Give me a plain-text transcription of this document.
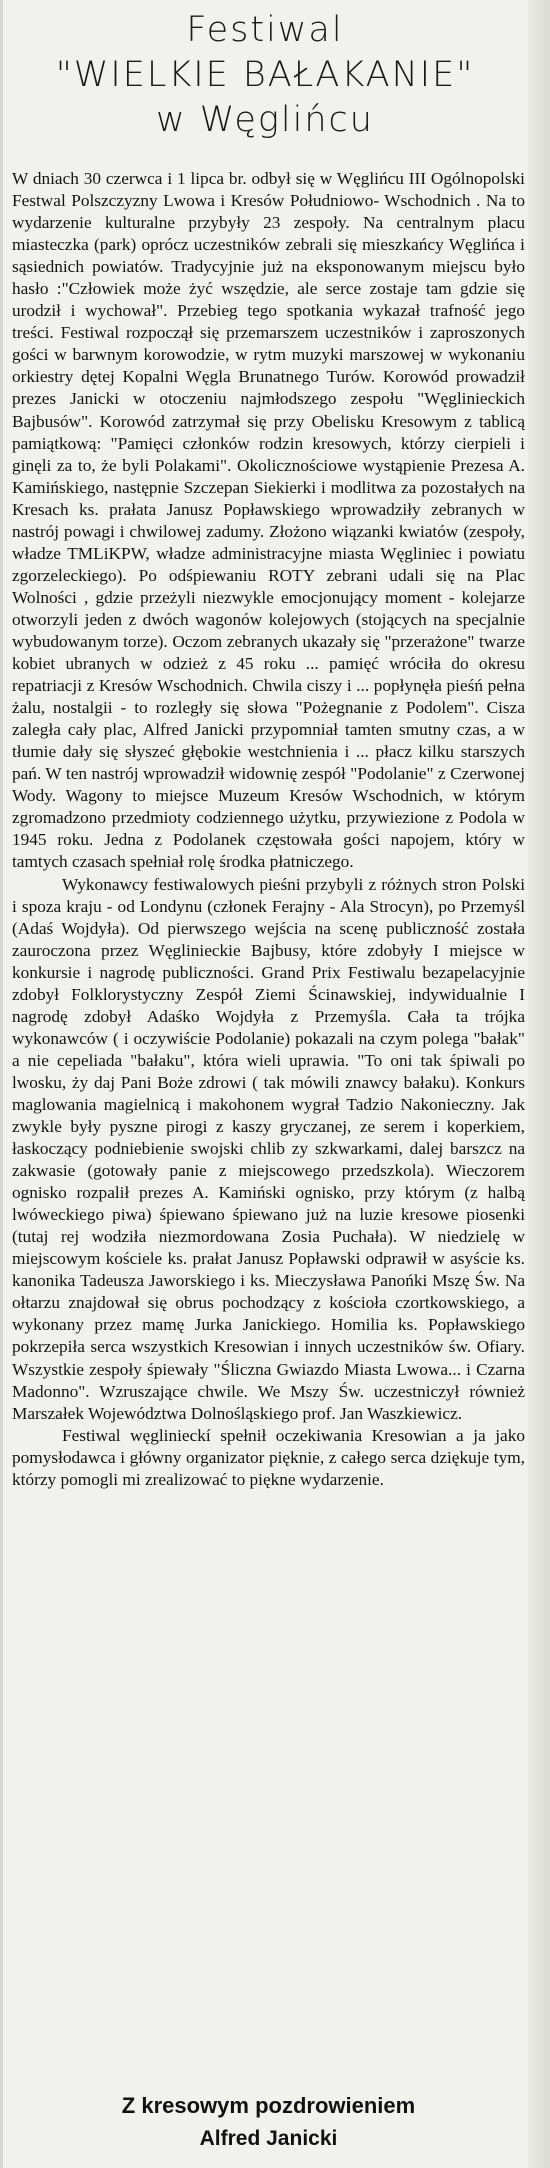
Festiwal
"WIELKIE BAŁAKANIE"
w Węglińcu

W dniach 30 czerwca i 1 lipca br. odbył się w Węglińcu III Ogólnopolski Festwal Polszczyzny Lwowa i Kresów Południowo- Wschodnich . Na to wydarzenie kulturalne przybyły 23 zespoły. Na centralnym placu miasteczka (park) oprócz uczestników zebrali się mieszkańcy Węglińca i sąsiednich powiatów. Tradycyjnie już na eksponowanym miejscu było hasło :"Człowiek może żyć wszędzie, ale serce zostaje tam gdzie się urodził i wychował". Przebieg tego spotkania wykazał trafność jego treści. Festiwal rozpoczął się przemarszem uczestników i zaproszonych gości w barwnym korowodzie, w rytm muzyki marszowej w wykonaniu orkiestry dętej Kopalni Węgla Brunatnego Turów. Korowód prowadził prezes Janicki w otoczeniu najmłodszego zespołu "Węglinieckich Bajbusów". Korowód zatrzymał się przy Obelisku Kresowym z tablicą pamiątkową: "Pamięci członków rodzin kresowych, którzy cierpieli i ginęli za to, że byli Polakami". Okolicznościowe wystąpienie Prezesa A. Kamińskiego, następnie Szczepan Siekierki i modlitwa za pozostałych na Kresach ks. prałata Janusz Popławskiego wprowadziły zebranych w nastrój powagi i chwilowej zadumy. Złożono wiązanki kwiatów (zespoły, władze TMLiKPW, władze administracyjne miasta Węgliniec i powiatu zgorzeleckiego). Po odśpiewaniu ROTY zebrani udali się na Plac Wolności , gdzie przeżyli niezwykle emocjonujący moment - kolejarze otworzyli jeden z dwóch wagonów kolejowych (stojących na specjalnie wybudowanym torze). Oczom zebranych ukazały się "przerażone" twarze kobiet ubranych w odzież z 45 roku ... pamięć wróciła do okresu repatriacji z Kresów Wschodnich. Chwila ciszy i ... popłynęła pieśń pełna żalu, nostalgii - to rozległy się słowa "Pożegnanie z Podolem". Cisza zaległa cały plac, Alfred Janicki przypomniał tamten smutny czas, a w tłumie dały się słyszeć głębokie westchnienia i ... płacz kilku starszych pań. W ten nastrój wprowadził widownię zespół "Podolanie" z Czerwonej Wody. Wagony to miejsce Muzeum Kresów Wschodnich, w którym zgromadzono przedmioty codziennego użytku, przywiezione z Podola w 1945 roku. Jedna z Podolanek częstowała gości napojem, który w tamtych czasach spełniał rolę środka płatniczego.

Wykonawcy festiwalowych pieśni przybyli z różnych stron Polski i spoza kraju - od Londynu (członek Ferajny - Ala Strocyn), po Przemyśl (Adaś Wojdyła). Od pierwszego wejścia na scenę publiczność została zauroczona przez Węglinieckie Bajbusy, które zdobyły I miejsce w konkursie i nagrodę publiczności. Grand Prix Festiwalu bezapelacyjnie zdobył Folklorystyczny Zespół Ziemi Ścinawskiej, indywidualnie I nagrodę zdobył Adaśko Wojdyła z Przemyśla. Cała ta trójka wykonawców ( i oczywiście Podolanie) pokazali na czym polega "bałak" a nie cepeliada "bałaku", która wieli uprawia. "To oni tak śpiwali po lwosku, ży daj Pani Boże zdrowi ( tak mówili znawcy bałaku). Konkurs maglowania magielnicą i makohonem wygrał Tadzio Nakonieczny. Jak zwykle były pyszne pirogi z kaszy gryczanej, ze serem i koperkiem, łaskoczący podniebienie swojski chlib zy szkwarkami, dalej barszcz na zakwasie (gotowały panie z miejscowego przedszkola). Wieczorem ognisko rozpalił prezes A. Kamiński ognisko, przy którym (z halbą lwóweckiego piwa) śpiewano śpiewano już na luzie kresowe piosenki (tutaj rej wodziła niezmordowana Zosia Puchała). W niedzielę w miejscowym kościele ks. prałat Janusz Popławski odprawił w asyście ks. kanonika Tadeusza Jaworskiego i ks. Mieczysława Panońki Mszę Św. Na ołtarzu znajdował się obrus pochodzący z kościoła czortkowskiego, a wykonany przez mamę Jurka Janickiego. Homilia ks. Popławskiego pokrzepiła serca wszystkich Kresowian i innych uczestników św. Ofiary. Wszystkie zespoły śpiewały "Śliczna Gwiazdo Miasta Lwowa... i Czarna Madonno". Wzruszające chwile. We Mszy Św. uczestniczył również Marszałek Województwa Dolnośląskiego prof. Jan Waszkiewicz.

Festiwal węglinieckí spełnił oczekiwania Kresowian a ja jako pomysłodawca i główny organizator pięknie, z całego serca dziękuje tym, którzy pomogli mi zrealizować to piękne wydarzenie.

Z kresowym pozdrowieniem
Alfred Janicki
